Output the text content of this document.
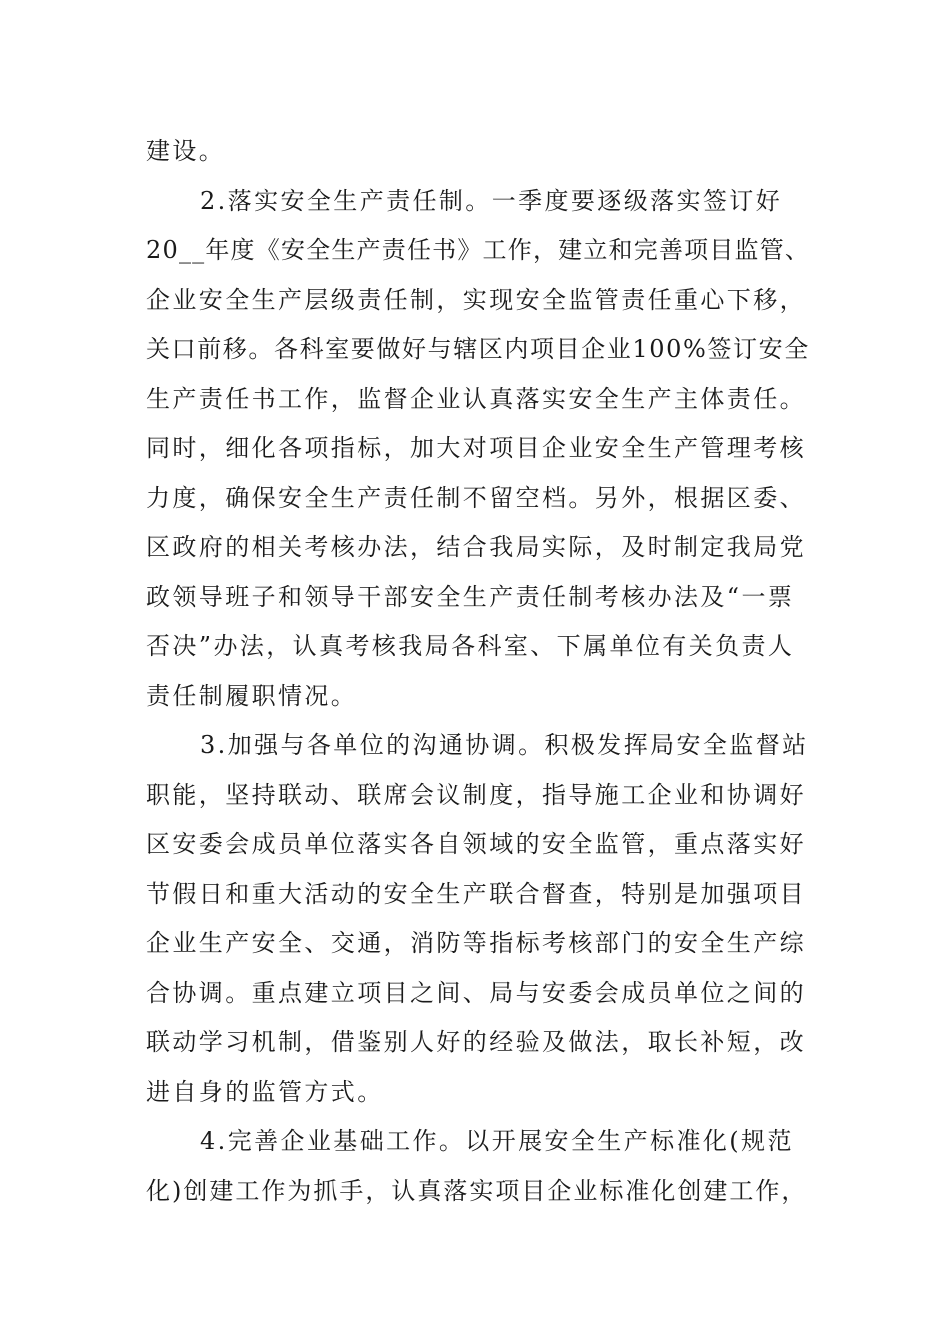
建设。
2.落实安全生产责任制。一季度要逐级落实签订好
20__年度《安全生产责任书》工作，建立和完善项目监管、
企业安全生产层级责任制，实现安全监管责任重心下移，
关口前移。各科室要做好与辖区内项目企业100%签订安全
生产责任书工作，监督企业认真落实安全生产主体责任。
同时，细化各项指标，加大对项目企业安全生产管理考核
力度，确保安全生产责任制不留空档。另外，根据区委、
区政府的相关考核办法，结合我局实际，及时制定我局党
政领导班子和领导干部安全生产责任制考核办法及“一票
否决”办法，认真考核我局各科室、下属单位有关负责人
责任制履职情况。
3.加强与各单位的沟通协调。积极发挥局安全监督站
职能，坚持联动、联席会议制度，指导施工企业和协调好
区安委会成员单位落实各自领域的安全监管，重点落实好
节假日和重大活动的安全生产联合督查，特别是加强项目
企业生产安全、交通，消防等指标考核部门的安全生产综
合协调。重点建立项目之间、局与安委会成员单位之间的
联动学习机制，借鉴别人好的经验及做法，取长补短，改
进自身的监管方式。
4.完善企业基础工作。以开展安全生产标准化(规范
化)创建工作为抓手，认真落实项目企业标准化创建工作，
